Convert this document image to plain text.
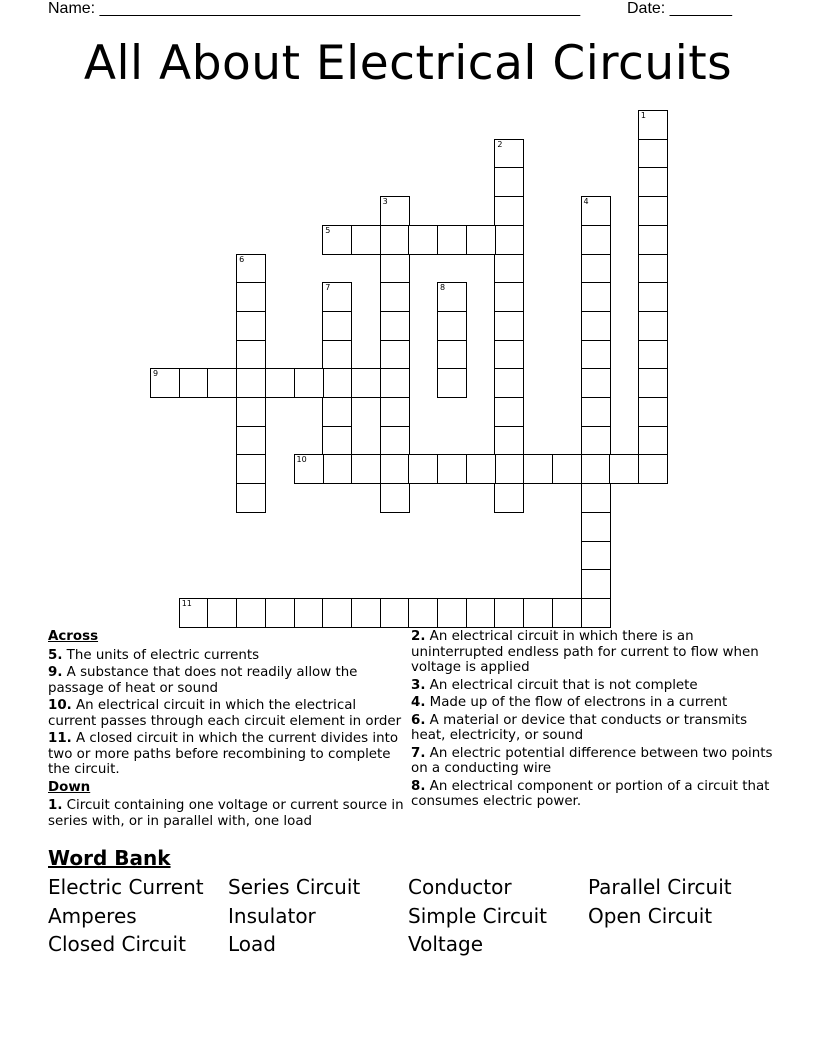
Name: ______________________________________________________	Date: _______
All About Electrical Circuits
1
2
3	4
5
6
7	8
9
10
11
Across
5. The units of electric currents
9. A substance that does not readily allow the passage of heat or sound
10. An electrical circuit in which the electrical current passes through each circuit element in order
11. A closed circuit in which the current divides into two or more paths before recombining to complete the circuit.
Down
1. Circuit containing one voltage or current source in series with, or in parallel with, one load
2. An electrical circuit in which there is an uninterrupted endless path for current to flow when voltage is applied
3. An electrical circuit that is not complete
4. Made up of the flow of electrons in a current
6. A material or device that conducts or transmits heat, electricity, or sound
7. An electric potential difference between two points on a conducting wire
8. An electrical component or portion of a circuit that consumes electric power.
Word Bank
Electric Current	Series Circuit	Conductor	Parallel Circuit
Amperes	Insulator	Simple Circuit	Open Circuit
Closed Circuit	Load	Voltage
